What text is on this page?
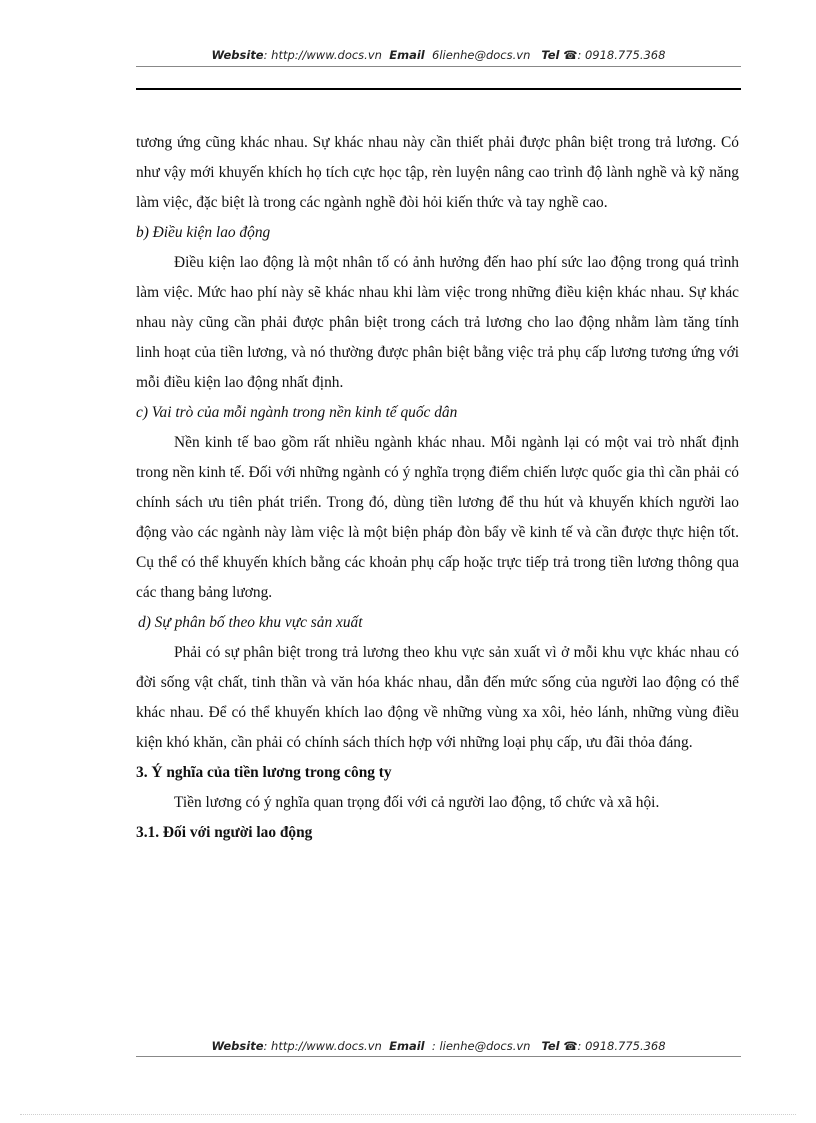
Website: http://www.docs.vn Email 6lienhe@docs.vn Tel ☎: 0918.775.368

tương ứng cũng khác nhau. Sự khác nhau này cần thiết phải được phân biệt trong trả lương. Có như vậy mới khuyến khích họ tích cực học tập, rèn luyện nâng cao trình độ lành nghề và kỹ năng làm việc, đặc biệt là trong các ngành nghề đòi hỏi kiến thức và tay nghề cao.

b) Điều kiện lao động

Điều kiện lao động là một nhân tố có ảnh hưởng đến hao phí sức lao động trong quá trình làm việc. Mức hao phí này sẽ khác nhau khi làm việc trong những điều kiện khác nhau. Sự khác nhau này cũng cần phải được phân biệt trong cách trả lương cho lao động nhằm làm tăng tính linh hoạt của tiền lương, và nó thường được phân biệt bằng việc trả phụ cấp lương tương ứng với mỗi điều kiện lao động nhất định.

c) Vai trò của mỗi ngành trong nền kinh tế quốc dân

Nền kinh tế bao gồm rất nhiều ngành khác nhau. Mỗi ngành lại có một vai trò nhất định trong nền kinh tế. Đối với những ngành có ý nghĩa trọng điểm chiến lược quốc gia thì cần phải có chính sách ưu tiên phát triển. Trong đó, dùng tiền lương để thu hút và khuyến khích người lao động vào các ngành này làm việc là một biện pháp đòn bẩy về kinh tế và cần được thực hiện tốt. Cụ thể có thể khuyến khích bằng các khoản phụ cấp hoặc trực tiếp trả trong tiền lương thông qua các thang bảng lương.

d) Sự phân bố theo khu vực sản xuất

Phải có sự phân biệt trong trả lương theo khu vực sản xuất vì ở mỗi khu vực khác nhau có đời sống vật chất, tinh thần và văn hóa khác nhau, dẫn đến mức sống của người lao động có thể khác nhau. Để có thể khuyến khích lao động về những vùng xa xôi, hẻo lánh, những vùng điều kiện khó khăn, cần phải có chính sách thích hợp với những loại phụ cấp, ưu đãi thỏa đáng.

3. Ý nghĩa của tiền lương trong công ty

Tiền lương có ý nghĩa quan trọng đối với cả người lao động, tổ chức và xã hội.

3.1. Đối với người lao động

Website: http://www.docs.vn Email : lienhe@docs.vn Tel ☎: 0918.775.368
